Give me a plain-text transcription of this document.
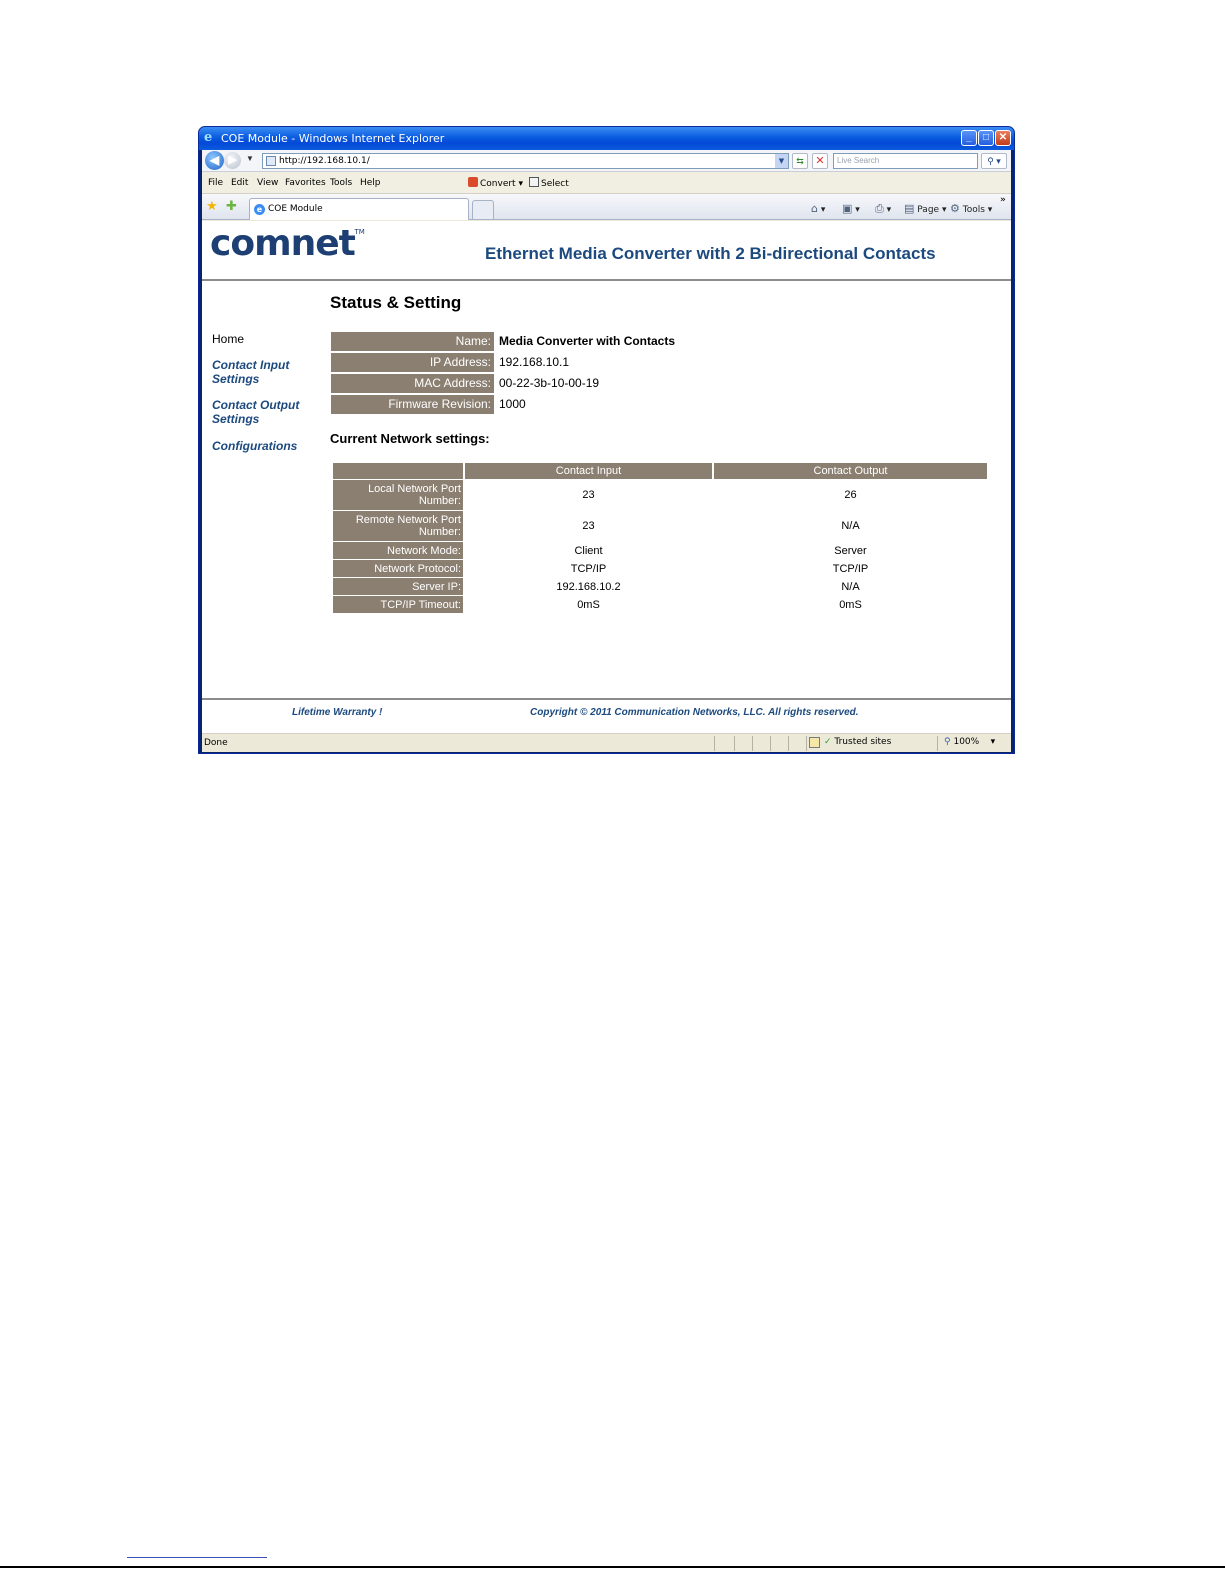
e COE Module - Windows Internet Explorer	_	□ ✕
◀ ▶	▼	http://192.168.10.1/	▼	⇆	✕	Live Search	⚲ ▾
File Edit View Favorites Tools Help	Convert ▾	Select
★ ✚	e COE Module	⌂ ▾ ▣ ▾ ⎙ ▾ ▤ Page ▾ ⚙ Tools ▾
»
comnet TM
Ethernet Media Converter with 2 Bi-directional Contacts
Status & Setting
Home
Contact Input Settings
Contact Output Settings
Configurations
Name: Media Converter with Contacts
IP Address: 192.168.10.1
MAC Address: 00-22-3b-10-00-19
Firmware Revision: 1000
Current Network settings:
	Contact Input	Contact Output
Local Network Port Number:	23	26
Remote Network Port Number:	23	N/A
Network Mode:	Client	Server
Network Protocol:	TCP/IP	TCP/IP
Server IP:	192.168.10.2	N/A
TCP/IP Timeout:	0mS	0mS
Lifetime Warranty !	Copyright © 2011 Communication Networks, LLC. All rights reserved.
Done	✓ Trusted sites	⚲ 100%    ▾
